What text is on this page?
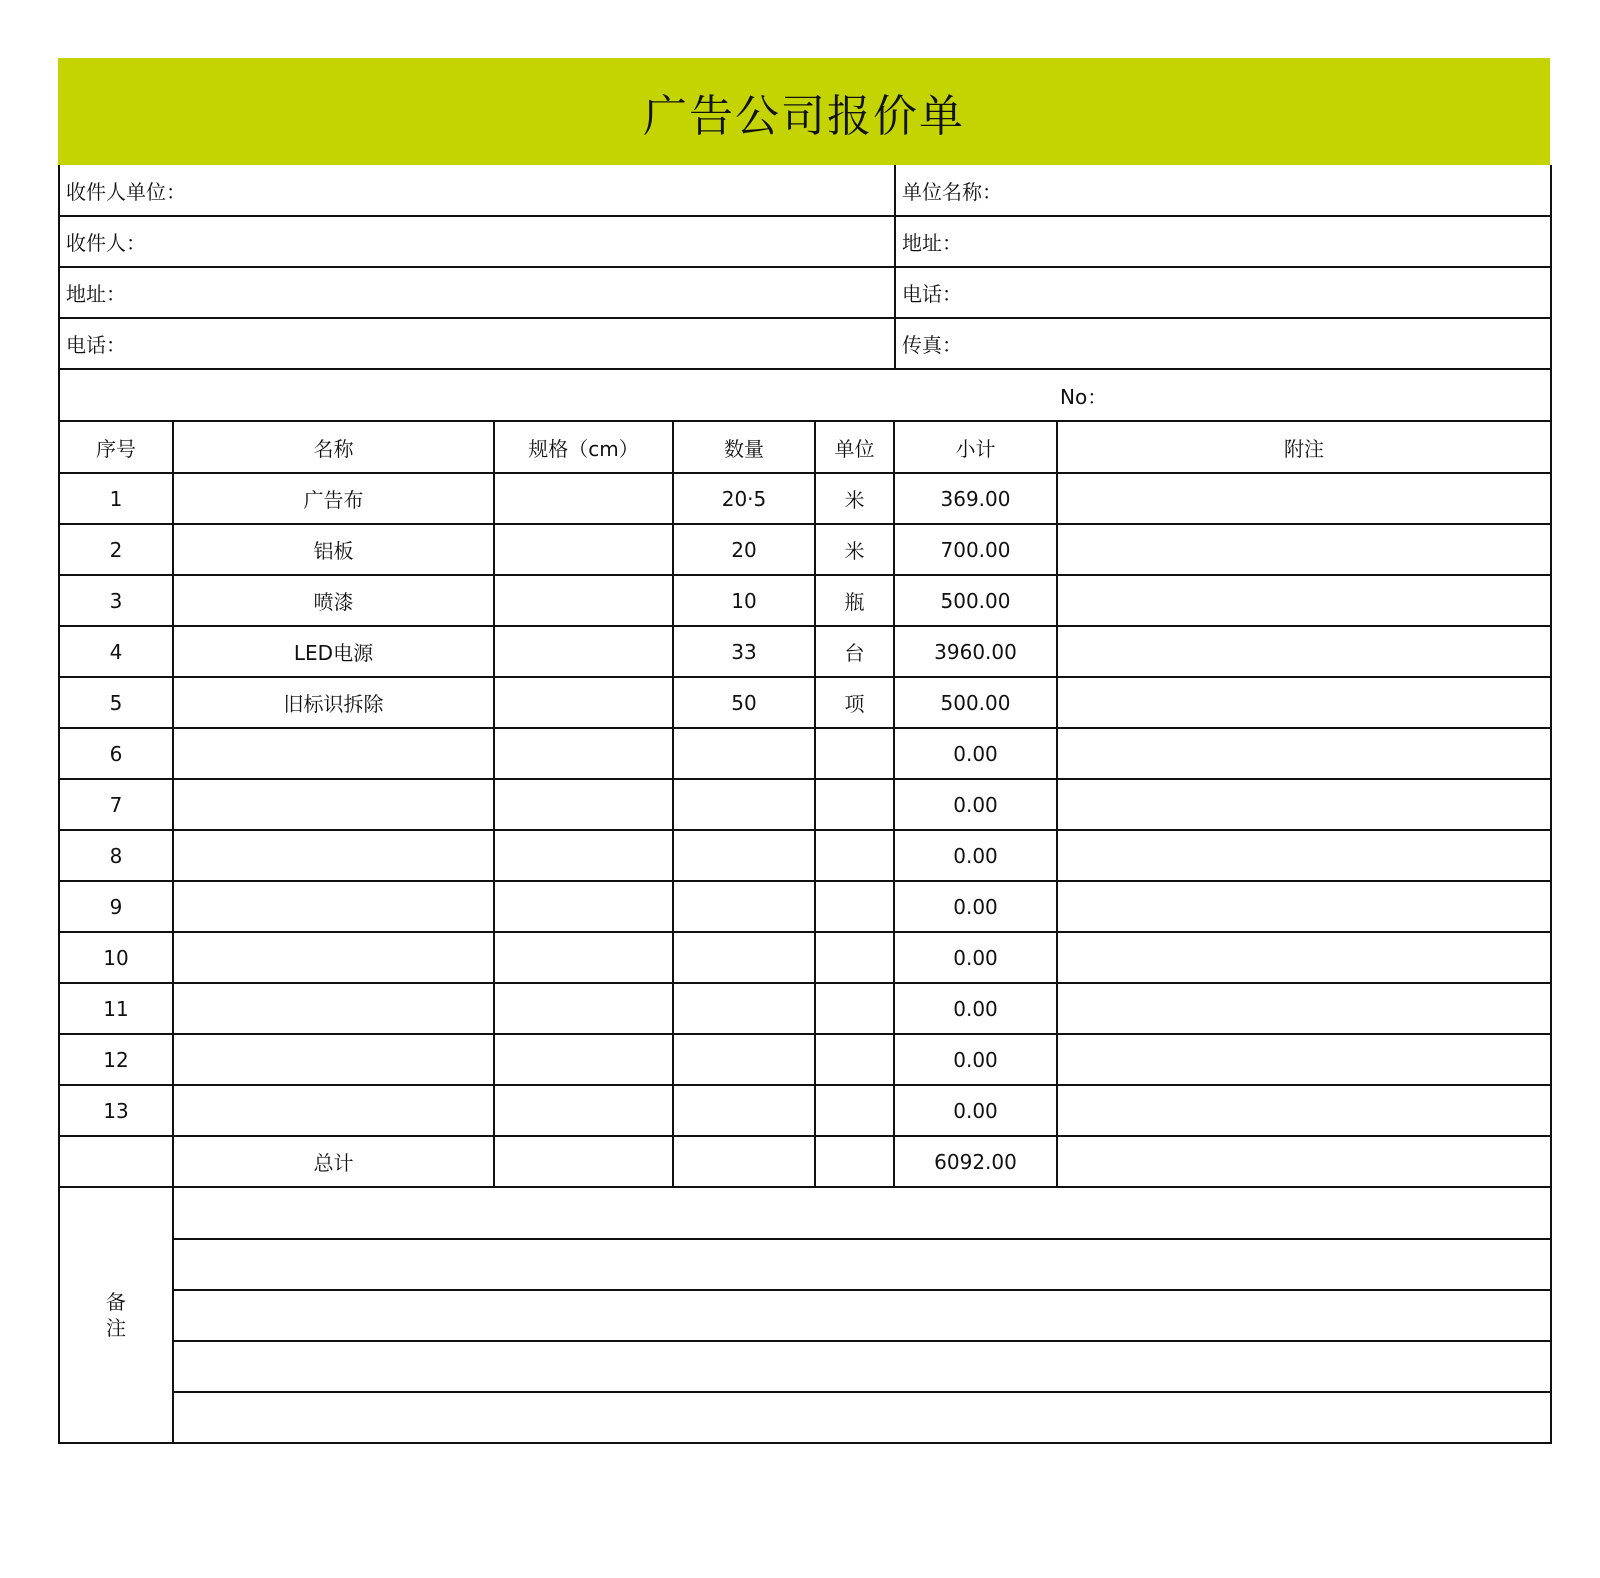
广告公司报价单
收件人单位：	单位名称：
收件人：	地址：
地址：	电话：
电话：	传真：
	No：
序号	名称	规格（cm）	数量	单位	小计	附注
1	广告布		20·5	米	369.00	
2	铝板		20	米	700.00	
3	喷漆		10	瓶	500.00	
4	LED电源		33	台	3960.00	
5	旧标识拆除		50	项	500.00	
6					0.00	
7					0.00	
8					0.00	
9					0.00	
10					0.00	
11					0.00	
12					0.00	
13					0.00	
	总计				6092.00	
备
注
